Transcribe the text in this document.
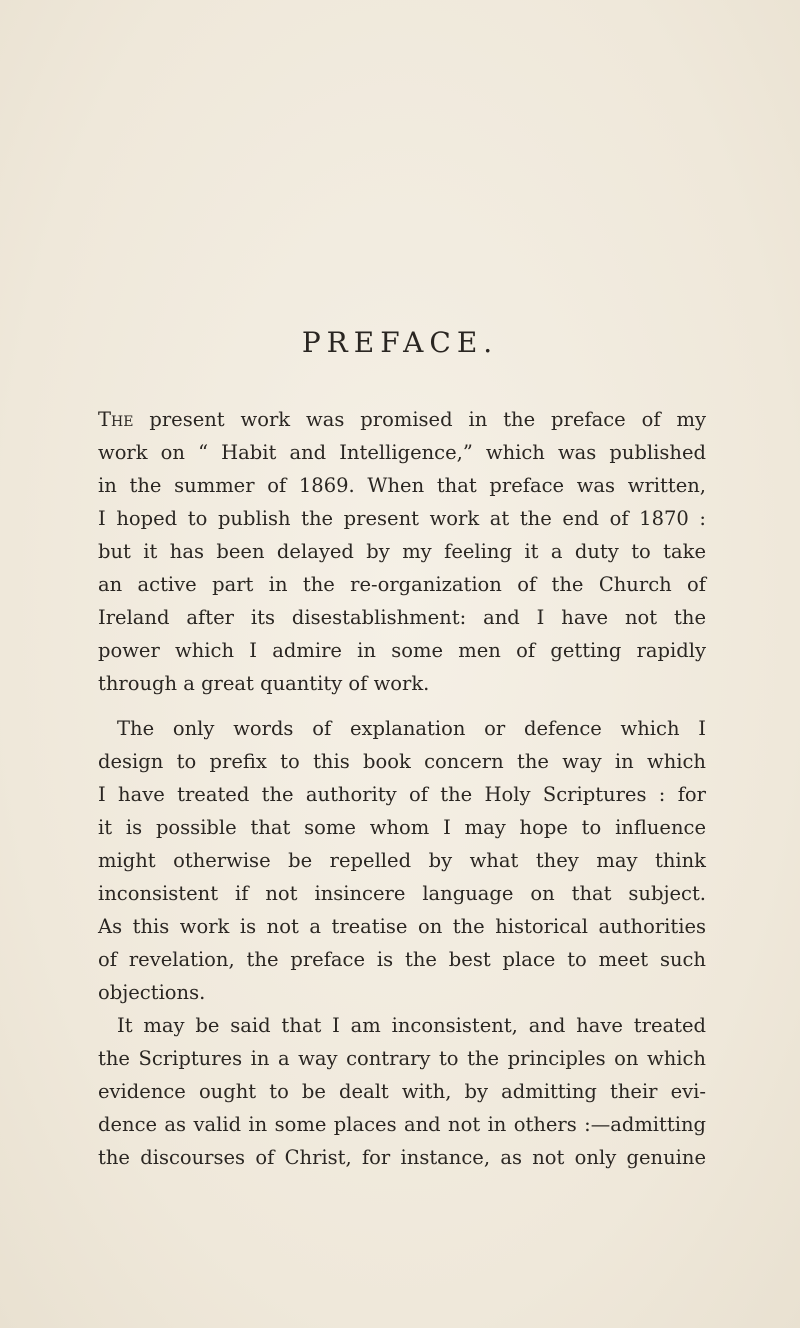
PREFACE.
The present work was promised in the preface of my
work on “ Habit and Intelligence,” which was published
in the summer of 1869. When that preface was written,
I hoped to publish the present work at the end of 1870 :
but it has been delayed by my feeling it a duty to take
an active part in the re-organization of the Church of
Ireland after its disestablishment: and I have not the
power which I admire in some men of getting rapidly
through a great quantity of work.
The only words of explanation or defence which I
design to prefix to this book concern the way in which
I have treated the authority of the Holy Scriptures : for
it is possible that some whom I may hope to influence
might otherwise be repelled by what they may think
inconsistent if not insincere language on that subject.
As this work is not a treatise on the historical authorities
of revelation, the preface is the best place to meet such
objections.
It may be said that I am inconsistent, and have treated
the Scriptures in a way contrary to the principles on which
evidence ought to be dealt with, by admitting their evi-
dence as valid in some places and not in others :—admitting
the discourses of Christ, for instance, as not only genuine
